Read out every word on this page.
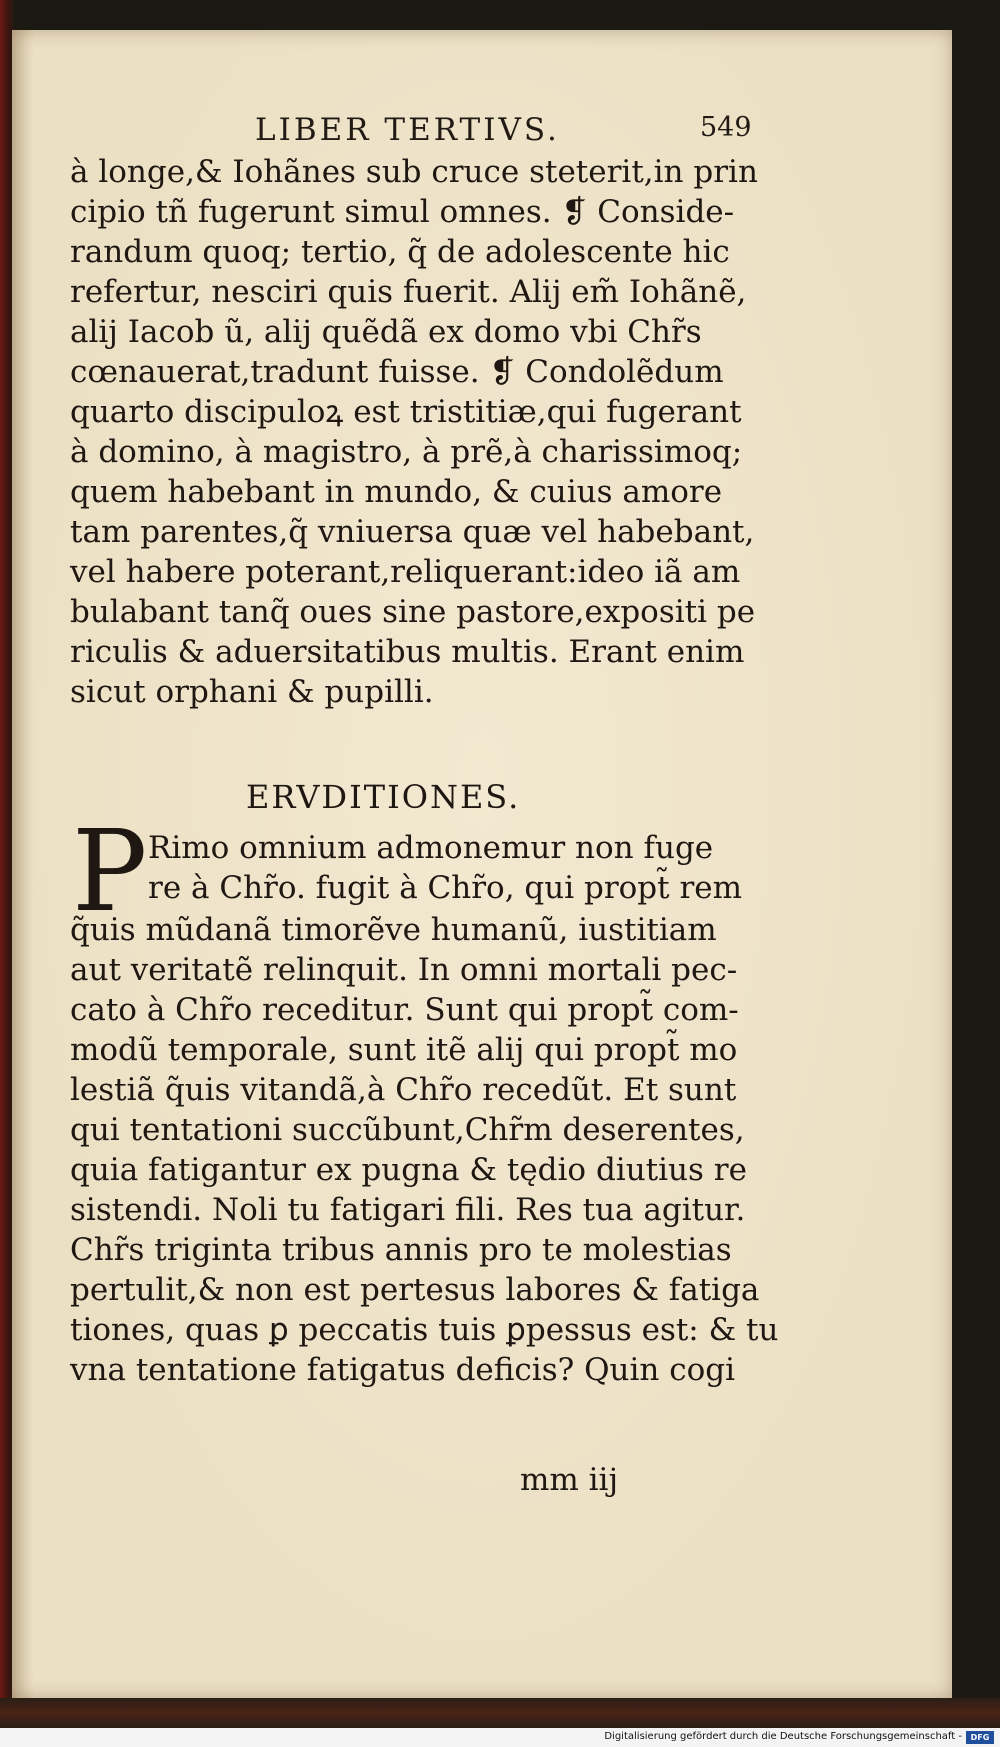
LIBER TERTIVS.	549
à longe,& Iohãnes sub cruce steterit,in prin
cipio tñ fugerunt simul omnes. ❡ Conside-
randum quoq; tertio, q̃ de adolescente hic
refertur, nesciri quis fuerit. Alij em̃ Iohãnẽ,
alij Iacob ũ, alij quẽdã ex domo vbi Chr̃s
cœnauerat,tradunt fuisse. ❡ Condolẽdum
quarto discipuloꝝ est tristitiæ,qui fugerant
à domino, à magistro, à prẽ,à charissimoq;
quem habebant in mundo, & cuius amore
tam parentes,q̃ vniuersa quæ vel habebant,
vel habere poterant,reliquerant:ideo iã am
bulabant tanq̃ oues sine pastore,expositi pe
riculis & aduersitatibus multis. Erant enim
sicut orphani & pupilli.
ERVDITIONES.
P Rimo omnium admonemur non fuge
re à Chr̃o. fugit à Chr̃o, qui propt̃ rem
q̃uis mũdanã timorẽve humanũ, iustitiam
aut veritatẽ relinquit. In omni mortali pec-
cato à Chr̃o receditur. Sunt qui propt̃ com-
modũ temporale, sunt itẽ alij qui propt̃ mo
lestiã q̃uis vitandã,à Chr̃o recedũt. Et sunt
qui tentationi succũbunt,Chr̃m deserentes,
quia fatigantur ex pugna & tędio diutius re
sistendi. Noli tu fatigari fili. Res tua agitur.
Chr̃s triginta tribus annis pro te molestias
pertulit,& non est pertesus labores & fatiga
tiones, quas ꝑ peccatis tuis ꝑpessus est: & tu
vna tentatione fatigatus deficis? Quin cogi
mm iij
Digitalisierung gefördert durch die Deutsche Forschungsgemeinschaft -	DFG
